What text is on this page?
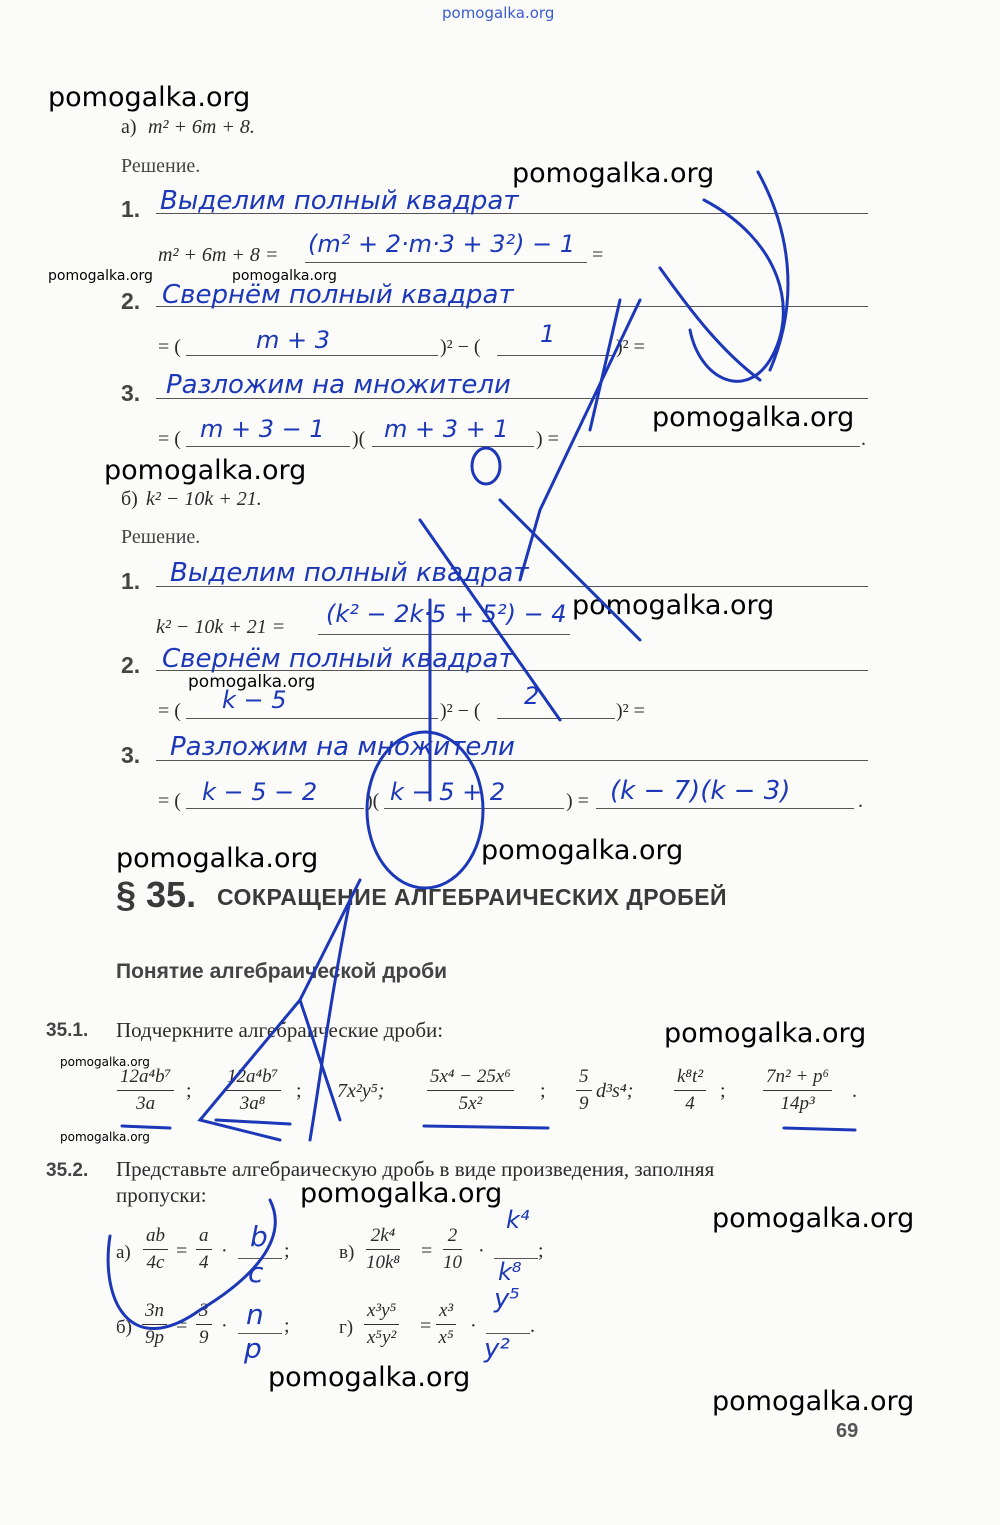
pomogalka.org
pomogalka.org
а) m² + 6m + 8.
Решение.	pomogalka.org
1. Выделим полный квадрат
m² + 6m + 8 = (m² + 2·m·3 + 3²) − 1 =
pomogalka.org	pomogalka.org
2. Свернём полный квадрат
= (	m + 3	)² − ( 1	)² =
3. Разложим на множители
pomogalka.org
= ( m + 3 − 1 )( m + 3 + 1 ) =	.
pomogalka.org
б) k² − 10k + 21.
Решение.
1. Выделим полный квадрат
k² − 10k + 21 = (k² − 2k·5 + 5²) − 4 pomogalka.org
2. Свернём полный квадрат
pomogalka.org
= ( k − 5	)² − (
2
)² =
3. Разложим на множители
= ( k − 5 − 2 )( k − 5 + 2	) = (k − 7)(k − 3)	.
pomogalka.org	pomogalka.org
§ 35. СОКРАЩЕНИЕ АЛГЕБРАИЧЕСКИХ ДРОБЕЙ
Понятие алгебраической дроби
35.1. Подчеркните алгебраические дроби:	pomogalka.org
pomogalka.org
$\frac{\text{12a⁴b⁷}}{3a}$ ; $\frac{\text{12a⁴b⁷}}{\text{3a⁸}}$ ; 7x²y⁵; $\frac{\text{5x⁴ − 25x⁶}}{\text{5x²}}$ ; $\frac{5}{9} d^3s^4$; $\frac{\text{k⁸t²}}{4}$ ; $\frac{\text{7n² + p⁶}}{\text{14p³}}$ .
pomogalka.org
35.2. Представьте алгебраическую дробь в виде произведения, заполняя
пропуски:	pomogalka.org
pomogalka.org
$а) \frac{ab}{4c} = \frac{a}{4} \cdot b$
c
;	$в) \frac{\text{2k⁴}}{\text{10k⁸}} = \frac{2}{10}$ ·
k⁴
k⁸
;
$б) \frac{3n}{9p} = \frac{3}{9} \cdot n$
p
;	$г) \frac{\text{x³y⁵}}{\text{x⁵y²}} = \frac{\text{x³}}{\text{x⁵}}$ ·
y⁵
y²
.
pomogalka.org
pomogalka.org
69
